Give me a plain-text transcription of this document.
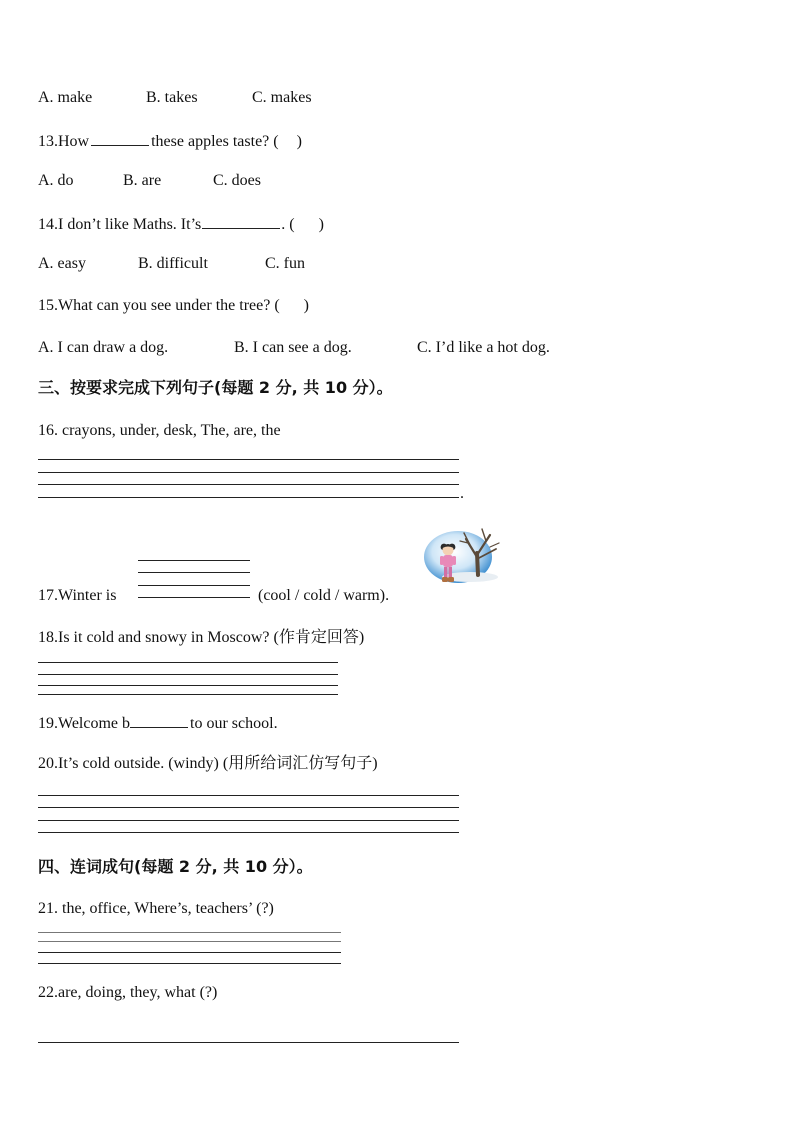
A. make	B. takes	C. makes
13.How	these apples taste? ( )
A. do	B. are	C. does
14.I don’t like Maths. It’s	. ( )
A. easy	B. difficult	C. fun
15.What can you see under the tree? ( )
A. I can draw a dog.	B. I can see a dog.	C. I’d like a hot dog.
三、按要求完成下列句子(每题 2 分, 共 10 分）。
16. crayons, under, desk, The, are, the
.
17.Winter is	(cool / cold / warm).
18.Is it cold and snowy in Moscow? (作肯定回答)
19.Welcome b	to our school.
20.It’s cold outside. (windy) (用所给词汇仿写句子)
四、连词成句(每题 2 分, 共 10 分）。
21. the, office, Where’s, teachers’ (?)
22.are, doing, they, what (?)
